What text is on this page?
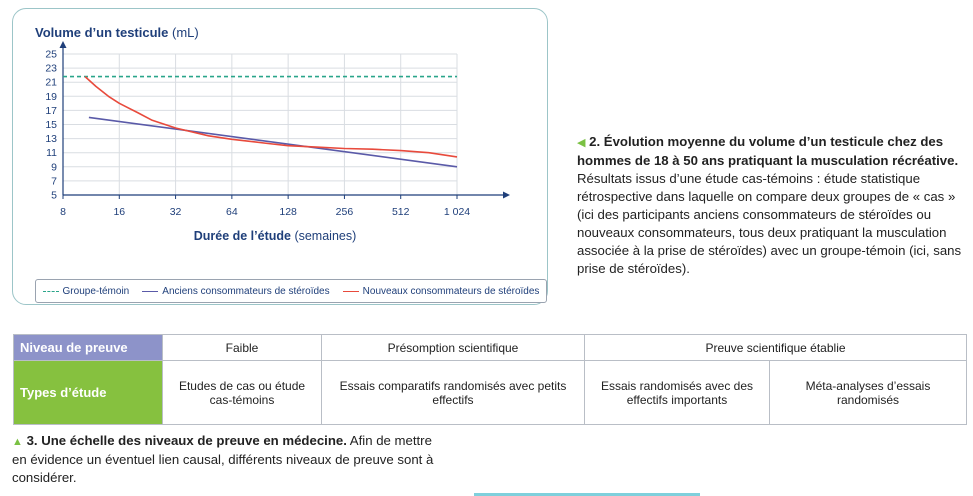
5
7
9
11
13
15
17
19
21
23
25
8	16	32	64	128	256	512	1 024
Durée de l’étude (semaines)
Volume d’un testicule (mL)
Groupe-témoin	Anciens consommateurs de stéroïdes	Nouveaux consommateurs de stéroïdes
◀ 2. Évolution moyenne du volume d’un testicule chez des hommes de 18 à 50 ans pratiquant la musculation récréative. Résultats issus d’une étude cas-témoins : étude statistique rétrospective dans laquelle on compare deux groupes de « cas » (ici des participants anciens consommateurs de stéroïdes ou nouveaux consommateurs, tous deux pratiquant la musculation associée à la prise de stéroïdes) avec un groupe-témoin (ici, sans prise de stéroïdes).
Niveau de preuve	Faible	Présomption scientifique	Preuve scientifique établie	
Types d’étude	Etudes de cas ou étude cas-témoins	Essais comparatifs randomisés avec petits effectifs	Essais randomisés avec des effectifs importants	Méta-analyses d’essais randomisés
▲ 3. Une échelle des niveaux de preuve en médecine. Afin de mettre en évidence un éventuel lien causal, différents niveaux de preuve sont à considérer.
